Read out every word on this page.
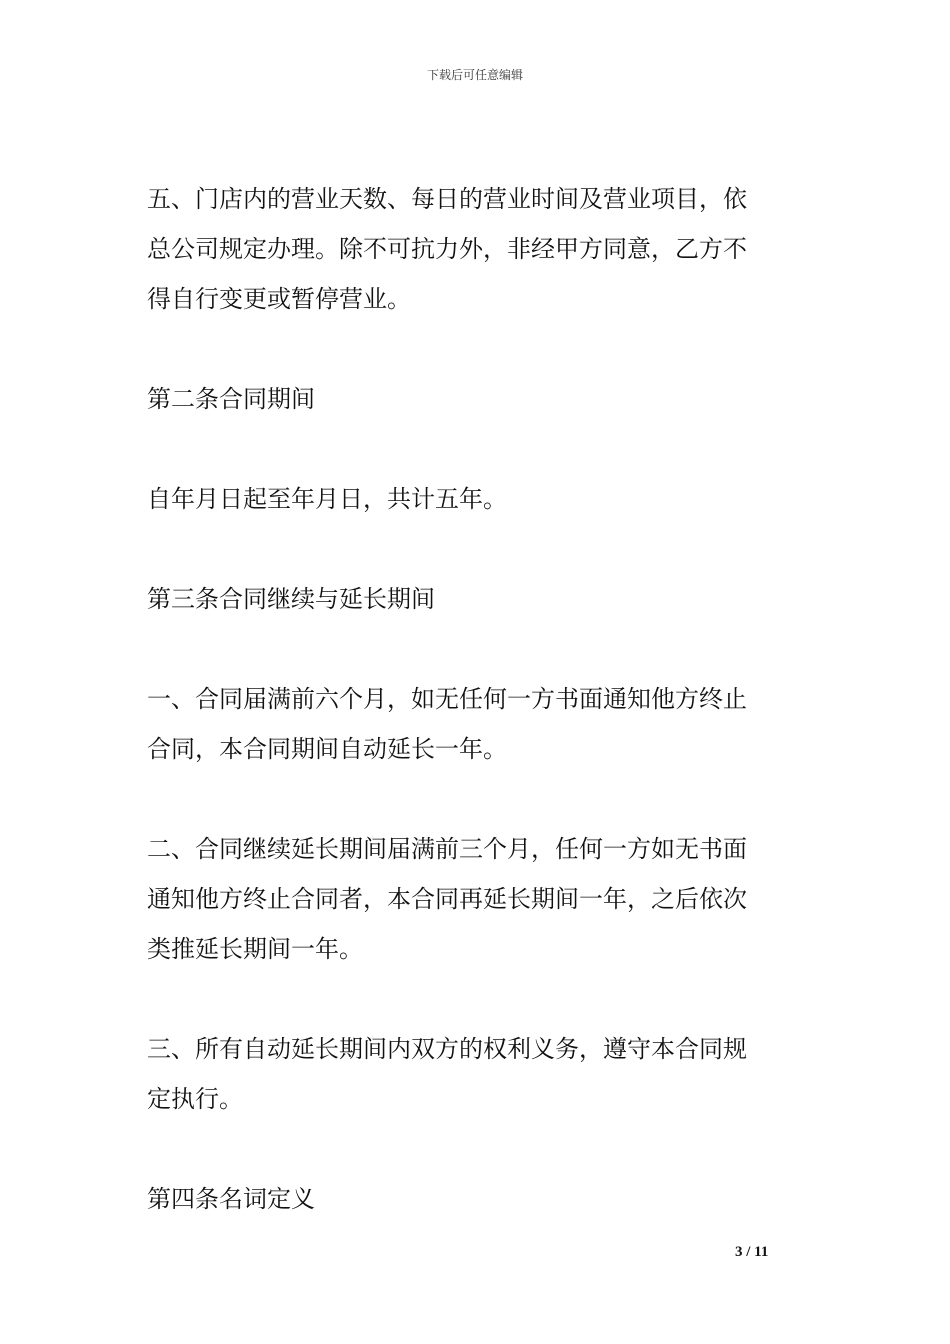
下载后可任意编辑
五、门店内的营业天数、每日的营业时间及营业项目，依
总公司规定办理。除不可抗力外，非经甲方同意，乙方不
得自行变更或暂停营业。
第二条合同期间
自年月日起至年月日，共计五年。
第三条合同继续与延长期间
一、合同届满前六个月，如无任何一方书面通知他方终止
合同，本合同期间自动延长一年。
二、合同继续延长期间届满前三个月，任何一方如无书面
通知他方终止合同者，本合同再延长期间一年，之后依次
类推延长期间一年。
三、所有自动延长期间内双方的权利义务，遵守本合同规
定执行。
第四条名词定义
3 / 11
